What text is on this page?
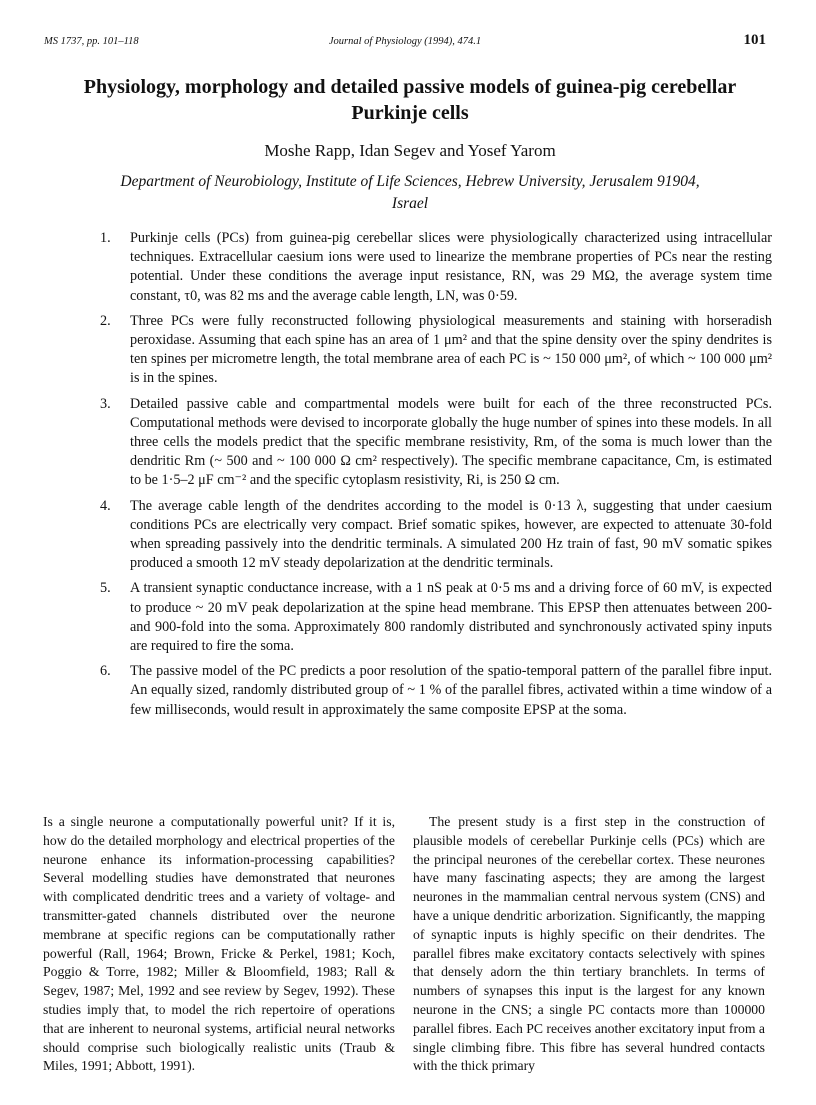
MS 1737, pp. 101–118	Journal of Physiology (1994), 474.1	101
Physiology, morphology and detailed passive models of guinea-pig cerebellar Purkinje cells
Moshe Rapp, Idan Segev and Yosef Yarom
Department of Neurobiology, Institute of Life Sciences, Hebrew University, Jerusalem 91904, Israel
1. Purkinje cells (PCs) from guinea-pig cerebellar slices were physiologically characterized using intracellular techniques. Extracellular caesium ions were used to linearize the membrane properties of PCs near the resting potential. Under these conditions the average input resistance, RN, was 29 MΩ, the average system time constant, τ0, was 82 ms and the average cable length, LN, was 0·59.
2. Three PCs were fully reconstructed following physiological measurements and staining with horseradish peroxidase. Assuming that each spine has an area of 1 μm² and that the spine density over the spiny dendrites is ten spines per micrometre length, the total membrane area of each PC is ~ 150 000 μm², of which ~ 100 000 μm² is in the spines.
3. Detailed passive cable and compartmental models were built for each of the three reconstructed PCs. Computational methods were devised to incorporate globally the huge number of spines into these models. In all three cells the models predict that the specific membrane resistivity, Rm, of the soma is much lower than the dendritic Rm (~ 500 and ~ 100 000 Ω cm² respectively). The specific membrane capacitance, Cm, is estimated to be 1·5–2 μF cm⁻² and the specific cytoplasm resistivity, Ri, is 250 Ω cm.
4. The average cable length of the dendrites according to the model is 0·13 λ, suggesting that under caesium conditions PCs are electrically very compact. Brief somatic spikes, however, are expected to attenuate 30-fold when spreading passively into the dendritic terminals. A simulated 200 Hz train of fast, 90 mV somatic spikes produced a smooth 12 mV steady depolarization at the dendritic terminals.
5. A transient synaptic conductance increase, with a 1 nS peak at 0·5 ms and a driving force of 60 mV, is expected to produce ~ 20 mV peak depolarization at the spine head membrane. This EPSP then attenuates between 200- and 900-fold into the soma. Approximately 800 randomly distributed and synchronously activated spiny inputs are required to fire the soma.
6. The passive model of the PC predicts a poor resolution of the spatio-temporal pattern of the parallel fibre input. An equally sized, randomly distributed group of ~ 1 % of the parallel fibres, activated within a time window of a few milliseconds, would result in approximately the same composite EPSP at the soma.

Is a single neurone a computationally powerful unit? If it is, how do the detailed morphology and electrical properties of the neurone enhance its information-processing capabilities? Several modelling studies have demonstrated that neurones with complicated dendritic trees and a variety of voltage- and transmitter-gated channels distributed over the neurone membrane at specific regions can be computationally rather powerful (Rall, 1964; Brown, Fricke & Perkel, 1981; Koch, Poggio & Torre, 1982; Miller & Bloomfield, 1983; Rall & Segev, 1987; Mel, 1992 and see review by Segev, 1992). These studies imply that, to model the rich repertoire of operations that are inherent to neuronal systems, artificial neural networks should comprise such biologically realistic units (Traub & Miles, 1991; Abbott, 1991).

The present study is a first step in the construction of plausible models of cerebellar Purkinje cells (PCs) which are the principal neurones of the cerebellar cortex. These neurones have many fascinating aspects; they are among the largest neurones in the mammalian central nervous system (CNS) and have a unique dendritic arborization. Significantly, the mapping of synaptic inputs is highly specific on their dendrites. The parallel fibres make excitatory contacts selectively with spines that densely adorn the thin tertiary branchlets. In terms of numbers of synapses this input is the largest for any known neurone in the CNS; a single PC contacts more than 100000 parallel fibres. Each PC receives another excitatory input from a single climbing fibre. This fibre has several hundred contacts with the thick primary
